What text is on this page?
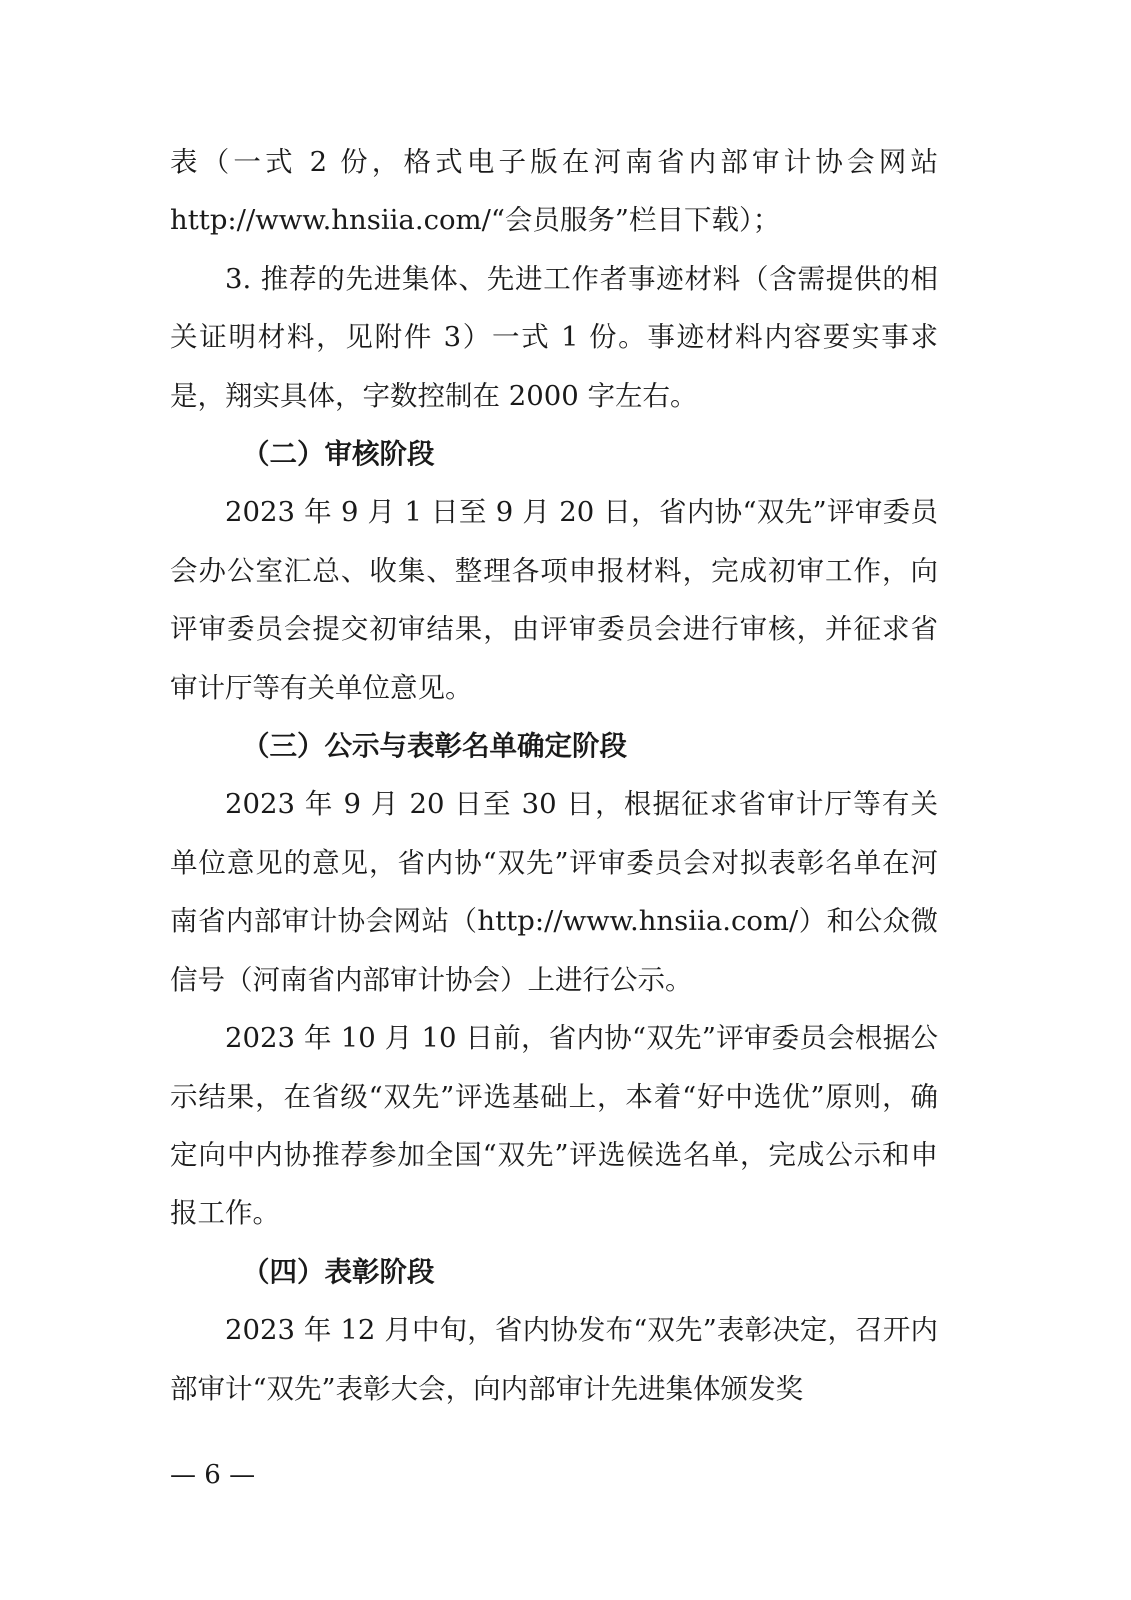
表（一式 2 份，格式电子版在河南省内部审计协会网站 http://www.hnsiia.com/“会员服务”栏目下载）；

3. 推荐的先进集体、先进工作者事迹材料（含需提供的相关证明材料，见附件 3）一式 1 份。事迹材料内容要实事求是，翔实具体，字数控制在 2000 字左右。

（二）审核阶段

2023 年 9 月 1 日至 9 月 20 日，省内协“双先”评审委员会办公室汇总、收集、整理各项申报材料，完成初审工作，向评审委员会提交初审结果，由评审委员会进行审核，并征求省审计厅等有关单位意见。

（三）公示与表彰名单确定阶段

2023 年 9 月 20 日至 30 日，根据征求省审计厅等有关单位意见的意见，省内协“双先”评审委员会对拟表彰名单在河南省内部审计协会网站（http://www.hnsiia.com/）和公众微信号（河南省内部审计协会）上进行公示。

2023 年 10 月 10 日前，省内协“双先”评审委员会根据公示结果，在省级“双先”评选基础上，本着“好中选优”原则，确定向中内协推荐参加全国“双先”评选候选名单，完成公示和申报工作。

（四）表彰阶段

2023 年 12 月中旬，省内协发布“双先”表彰决定，召开内部审计“双先”表彰大会，向内部审计先进集体颁发奖

— 6 —
